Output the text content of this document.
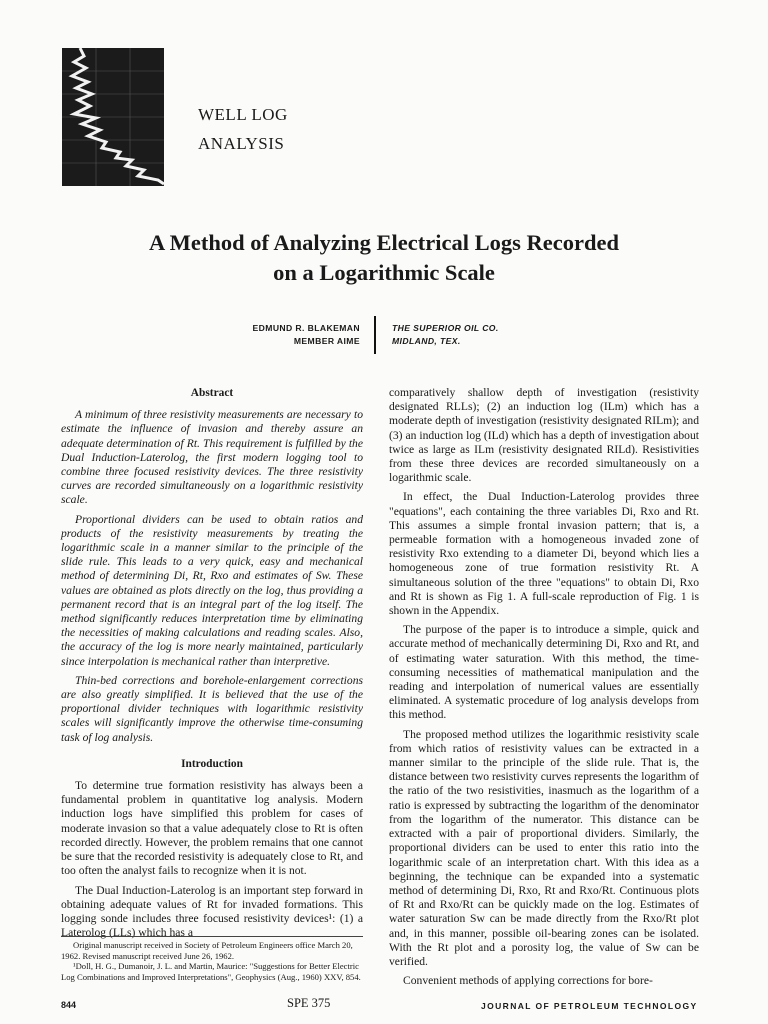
WELL LOG
ANALYSIS
A Method of Analyzing Electrical Logs Recorded
on a Logarithmic Scale
EDMUND R. BLAKEMAN
MEMBER AIME
THE SUPERIOR OIL CO.
MIDLAND, TEX.
Abstract

A minimum of three resistivity measurements are necessary to estimate the influence of invasion and thereby assure an adequate determination of Rt. This requirement is fulfilled by the Dual Induction-Laterolog, the first modern logging tool to combine three focused resistivity devices. The three resistivity curves are recorded simultaneously on a logarithmic resistivity scale.

Proportional dividers can be used to obtain ratios and products of the resistivity measurements by treating the logarithmic scale in a manner similar to the principle of the slide rule. This leads to a very quick, easy and mechanical method of determining Di, Rt, Rxo and estimates of Sw. These values are obtained as plots directly on the log, thus providing a permanent record that is an integral part of the log itself. The method significantly reduces interpretation time by eliminating the necessities of making calculations and reading scales. Also, the accuracy of the log is more nearly maintained, particularly since interpolation is mechanical rather than interpretive.

Thin-bed corrections and borehole-enlargement corrections are also greatly simplified. It is believed that the use of the proportional divider techniques with logarithmic resistivity scales will significantly improve the otherwise time-consuming task of log analysis.

Introduction

To determine true formation resistivity has always been a fundamental problem in quantitative log analysis. Modern induction logs have simplified this problem for cases of moderate invasion so that a value adequately close to Rt is often recorded directly. However, the problem remains that one cannot be sure that the recorded resistivity is adequately close to Rt, and too often the analyst fails to recognize when it is not.

The Dual Induction-Laterolog is an important step forward in obtaining adequate values of Rt for invaded formations. This logging sonde includes three focused resistivity devices¹: (1) a Laterolog (LLs) which has a

comparatively shallow depth of investigation (resistivity designated RLLs); (2) an induction log (ILm) which has a moderate depth of investigation (resistivity designated RILm); and (3) an induction log (ILd) which has a depth of investigation about twice as large as ILm (resistivity designated RILd). Resistivities from these three devices are recorded simultaneously on a logarithmic scale.

In effect, the Dual Induction-Laterolog provides three "equations", each containing the three variables Di, Rxo and Rt. This assumes a simple frontal invasion pattern; that is, a permeable formation with a homogeneous invaded zone of resistivity Rxo extending to a diameter Di, beyond which lies a homogeneous zone of true formation resistivity Rt. A simultaneous solution of the three "equations" to obtain Di, Rxo and Rt is shown as Fig 1. A full-scale reproduction of Fig. 1 is shown in the Appendix.

The purpose of the paper is to introduce a simple, quick and accurate method of mechanically determining Di, Rxo and Rt, and of estimating water saturation. With this method, the time-consuming necessities of mathematical manipulation and the reading and interpolation of numerical values are essentially eliminated. A systematic procedure of log analysis develops from this method.

The proposed method utilizes the logarithmic resistivity scale from which ratios of resistivity values can be extracted in a manner similar to the principle of the slide rule. That is, the distance between two resistivity curves represents the logarithm of the ratio of the two resistivities, inasmuch as the logarithm of a ratio is expressed by subtracting the logarithm of the denominator from the logarithm of the numerator. This distance can be extracted with a pair of proportional dividers. Similarly, the proportional dividers can be used to enter this ratio into the logarithmic scale of an interpretation chart. With this idea as a beginning, the technique can be expanded into a systematic method of determining Di, Rxo, Rt and Rxo/Rt. Continuous plots of Rt and Rxo/Rt can be quickly made on the log. Estimates of water saturation Sw can be made directly from the Rxo/Rt plot and, in this manner, possible oil-bearing zones can be isolated. With the Rt plot and a porosity log, the value of Sw can be verified.

Convenient methods of applying corrections for bore-

Original manuscript received in Society of Petroleum Engineers office March 20, 1962. Revised manuscript received June 26, 1962.

¹Doll, H. G., Dumanoir, J. L. and Martin, Maurice: "Suggestions for Better Electric Log Combinations and Improved Interpretations", Geophysics (Aug., 1960) XXV, 854.

844	SPE 375	JOURNAL OF PETROLEUM TECHNOLOGY
